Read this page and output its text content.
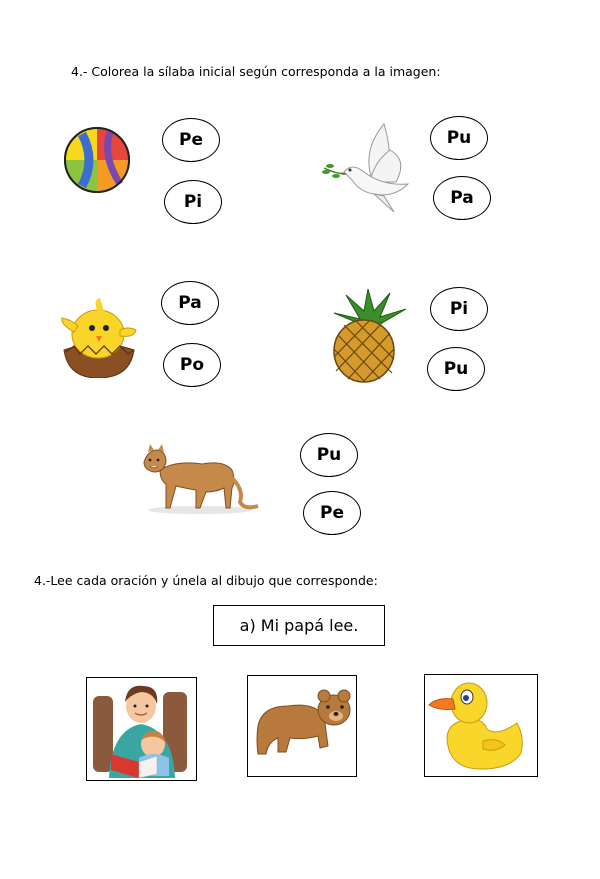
4.- Colorea la sílaba inicial según corresponda a la imagen:
Pe
Pi
Pu
Pa
Pa
Po
Pi
Pu
Pu
Pe
4.-Lee cada oración y únela al dibujo que corresponde:
a) Mi papá lee.
